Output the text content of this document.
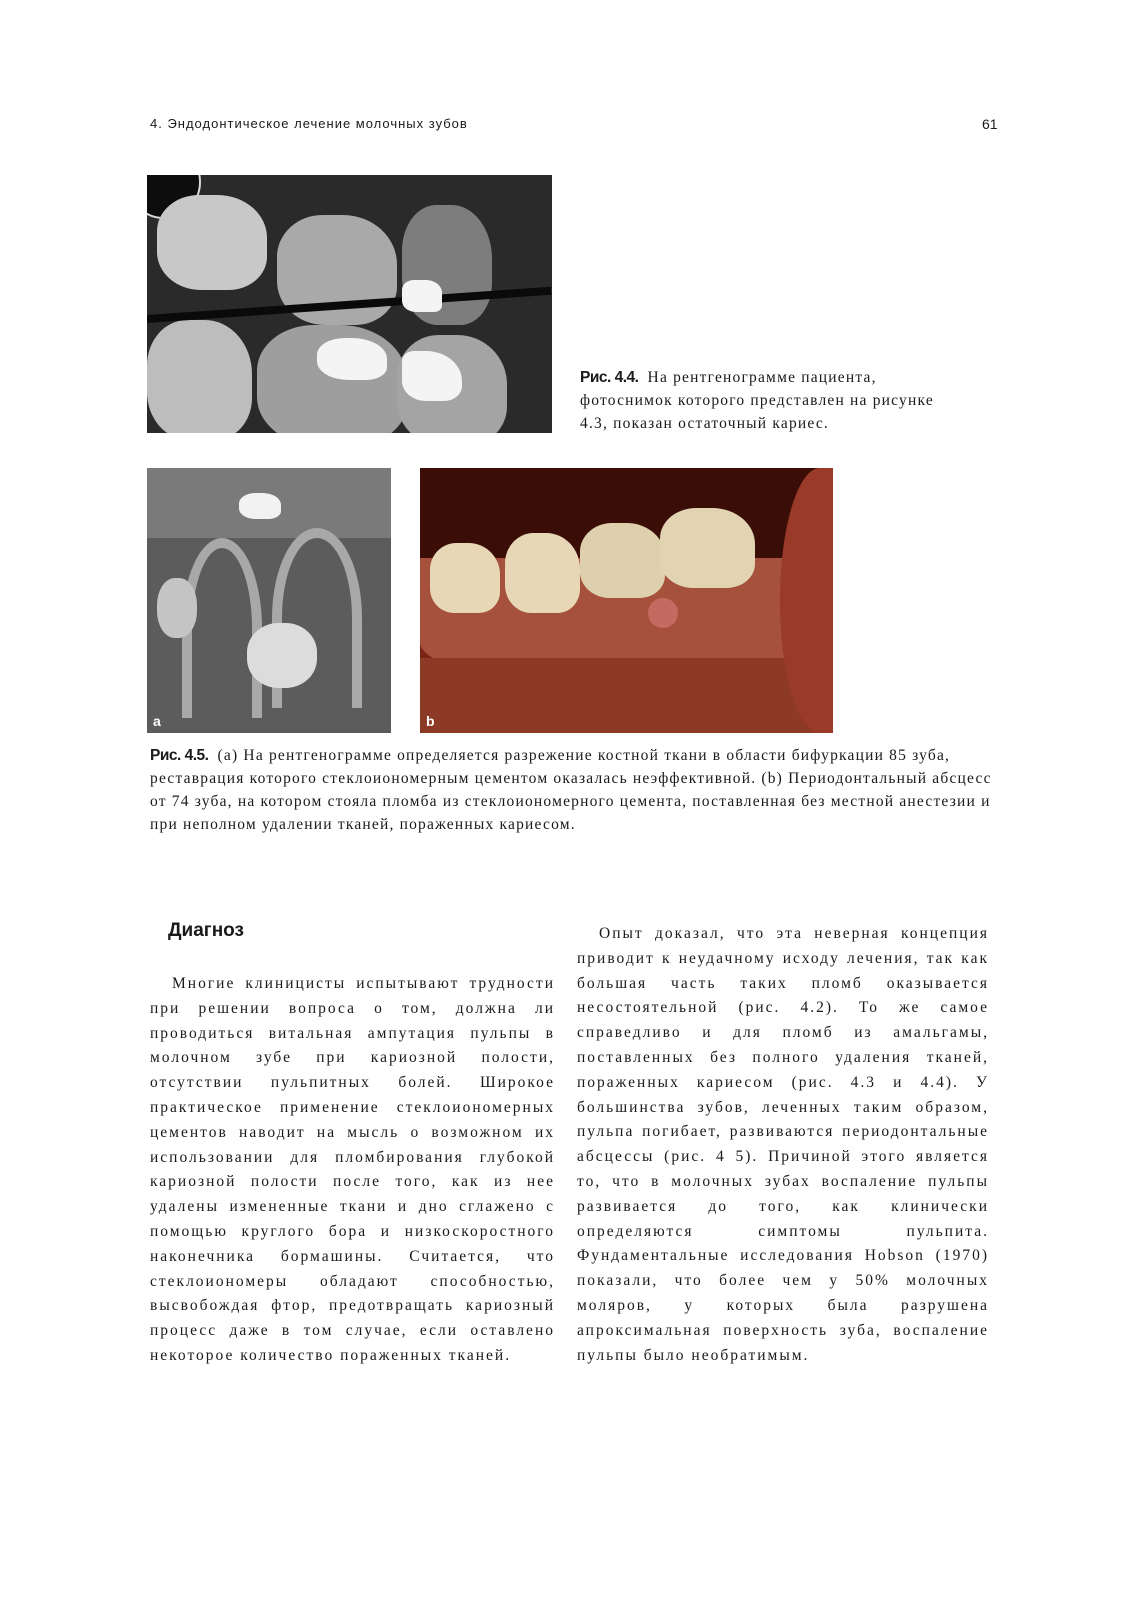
4. Эндодонтическое лечение молочных зубов	61

Рис. 4.4. На рентгенограмме пациента, фотоснимок которого представлен на рисунке 4.3, показан остаточный кариес.

a	b

Рис. 4.5. (а) На рентгенограмме определяется разрежение костной ткани в области бифуркации 85 зуба, реставрация которого стеклоиономерным цементом оказалась неэффективной. (b) Периодонтальный абсцесс от 74 зуба, на котором стояла пломба из стеклоиономерного цемента, поставленная без местной анестезии и при неполном удалении тканей, пораженных кариесом.

Диагноз

Многие клиницисты испытывают трудности при решении вопроса о том, должна ли проводиться витальная ампутация пульпы в молочном зубе при кариозной полости, отсутствии пульпитных болей. Широкое практическое применение стеклоиономерных цементов наводит на мысль о возможном их использовании для пломбирования глубокой кариозной полости после того, как из нее удалены измененные ткани и дно сглажено с помощью круглого бора и низкоскоростного наконечника бормашины. Считается, что стеклоиономеры обладают способностью, высвобождая фтор, предотвращать кариозный процесс даже в том случае, если оставлено некоторое количество пораженных тканей.

Опыт доказал, что эта неверная концепция приводит к неудачному исходу лечения, так как большая часть таких пломб оказывается несостоятельной (рис. 4.2). То же самое справедливо и для пломб из амальгамы, поставленных без полного удаления тканей, пораженных кариесом (рис. 4.3 и 4.4). У большинства зубов, леченных таким образом, пульпа погибает, развиваются периодонтальные абсцессы (рис. 4 5). Причиной этого является то, что в молочных зубах воспаление пульпы развивается до того, как клинически определяются симптомы пульпита. Фундаментальные исследования Hobson (1970) показали, что более чем у 50% молочных моляров, у которых была разрушена апроксимальная поверхность зуба, воспаление пульпы было необратимым.
